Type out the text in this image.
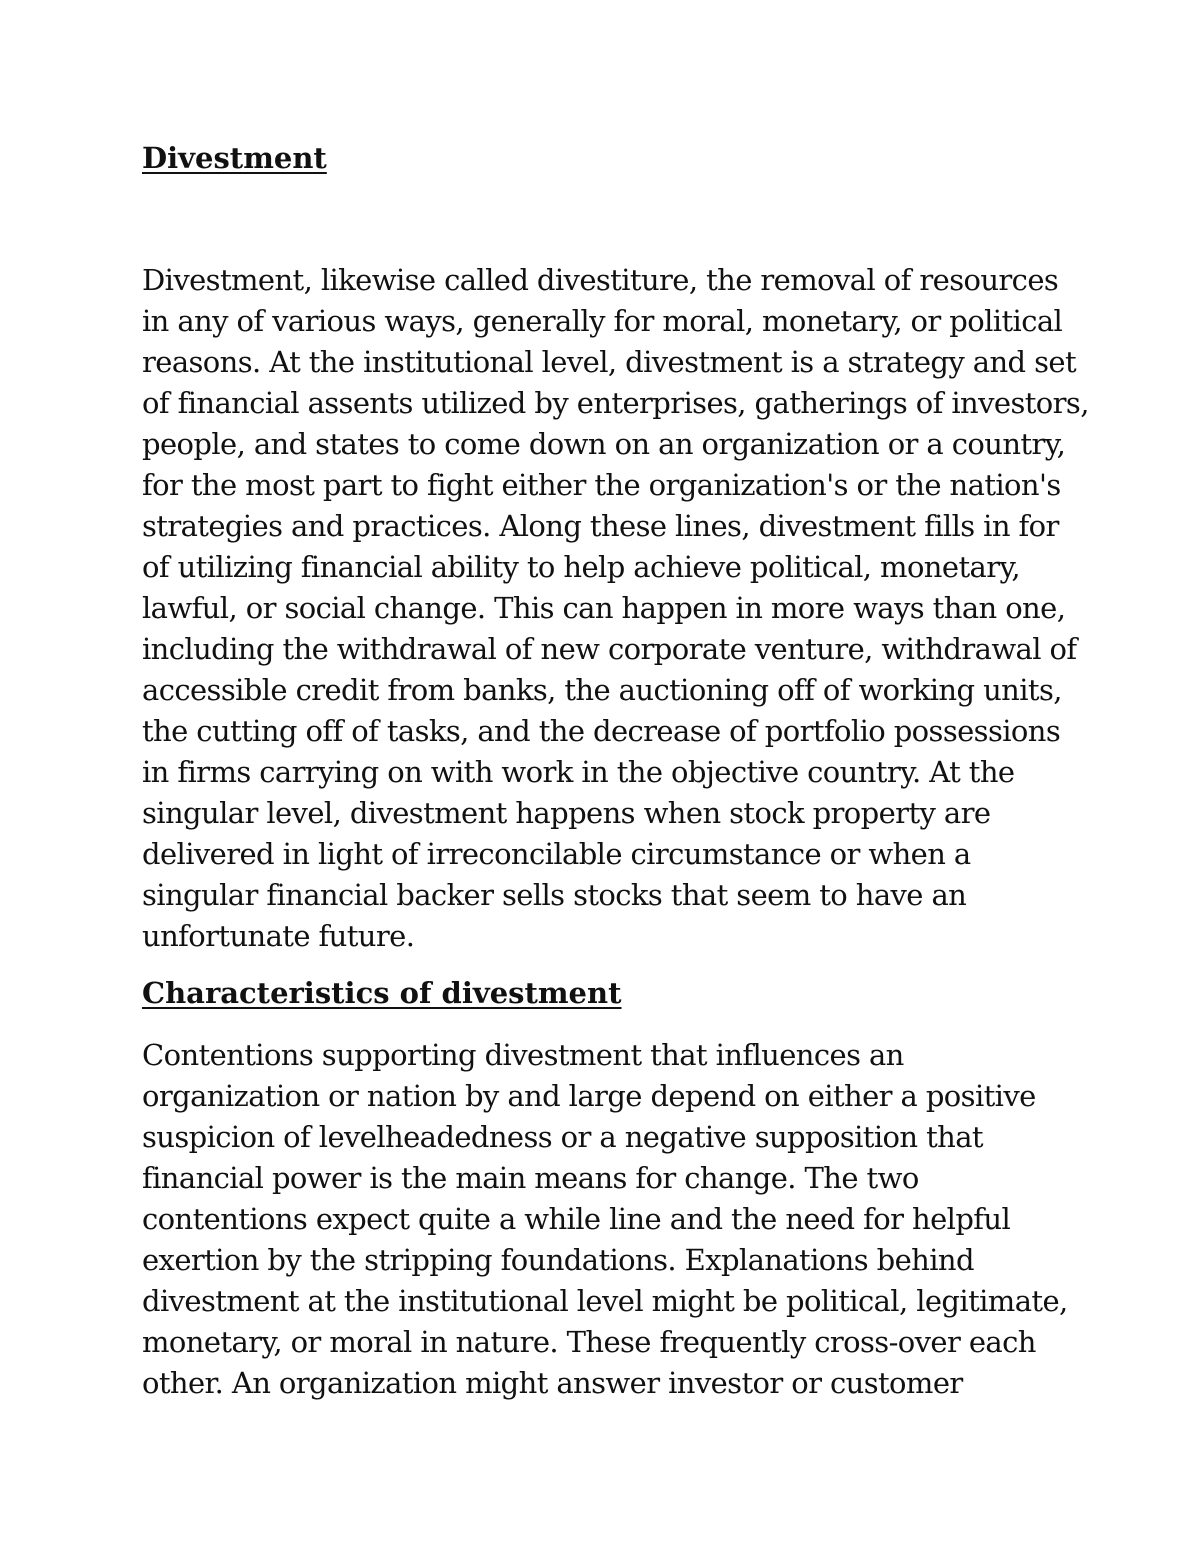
Divestment
Divestment, likewise called divestiture, the removal of resources
in any of various ways, generally for moral, monetary, or political
reasons. At the institutional level, divestment is a strategy and set
of financial assents utilized by enterprises, gatherings of investors,
people, and states to come down on an organization or a country,
for the most part to fight either the organization's or the nation's
strategies and practices. Along these lines, divestment fills in for
of utilizing financial ability to help achieve political, monetary,
lawful, or social change. This can happen in more ways than one,
including the withdrawal of new corporate venture, withdrawal of
accessible credit from banks, the auctioning off of working units,
the cutting off of tasks, and the decrease of portfolio possessions
in firms carrying on with work in the objective country. At the
singular level, divestment happens when stock property are
delivered in light of irreconcilable circumstance or when a
singular financial backer sells stocks that seem to have an
unfortunate future.
Characteristics of divestment
Contentions supporting divestment that influences an
organization or nation by and large depend on either a positive
suspicion of levelheadedness or a negative supposition that
financial power is the main means for change. The two
contentions expect quite a while line and the need for helpful
exertion by the stripping foundations. Explanations behind
divestment at the institutional level might be political, legitimate,
monetary, or moral in nature. These frequently cross-over each
other. An organization might answer investor or customer
